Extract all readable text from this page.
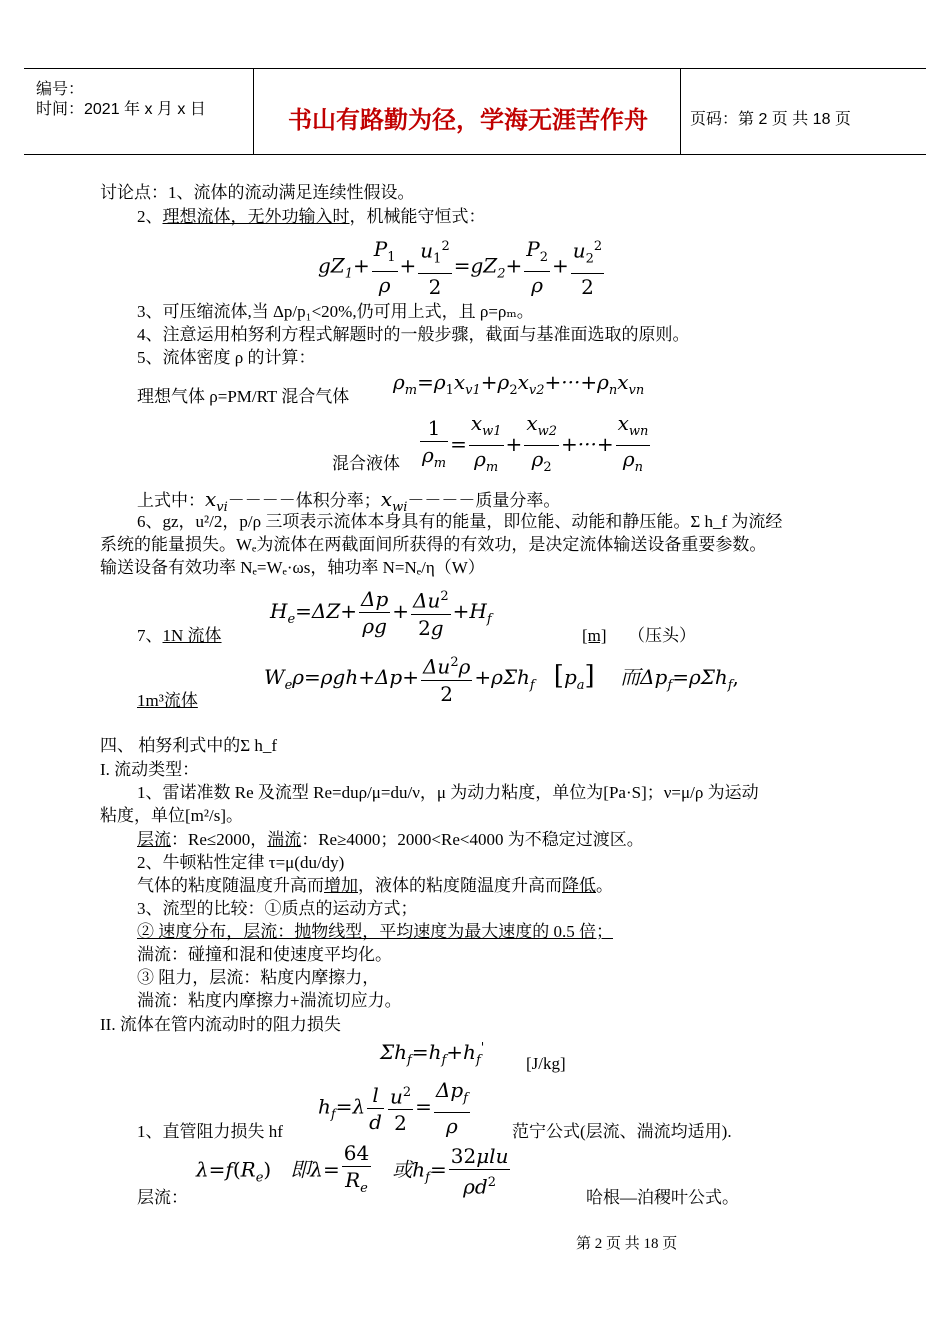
编号：
时间：2021 年 x 月 x 日	书山有路勤为径，学海无涯苦作舟	页码：第 2 页 共 18 页
讨论点：1、流体的流动满足连续性假设。
2、理想流体，无外功输入时，机械能守恒式：
$gZ_1+ \frac{P_1}{\rho} + \frac{u_1^2}{2} =gZ_2+ \frac{P_2}{\rho} + \frac{u_2^2}{2}$
3、可压缩流体,当 Δp/p₁<20%,仍可用上式，且 ρ=ρₘ。
4、注意运用柏努利方程式解题时的一般步骤，截面与基准面选取的原则。
5、流体密度 ρ 的计算：
理想气体 ρ=PM/RT 混合气体
$\rho_m=\rho_1x_{v1}+\rho_2x_{v2}+\cdot\cdot\cdot+\rho_nx_{vn}$
混合液体 $\frac{1}{\rho_m} = \frac{x_{w1}}{\rho_m} + \frac{x_{w2}}{\rho_2}$ +···+ $\frac{x_{wn}}{\rho_n}$
上式中：$x_{vi}----$体积分率；$x_{wi}----$质量分率。
6、gz，u²/2，p/ρ 三项表示流体本身具有的能量，即位能、动能和静压能。Σ h_f 为流经
系统的能量损失。Wₑ为流体在两截面间所获得的有效功，是决定流体输送设备重要参数。
输送设备有效功率 Nₑ=Wₑ·ωs，轴功率 N=Nₑ/η（W）
7、1N 流体
$H_e=\Delta Z+ \frac{\Delta p}{\rho g} + \frac{\Delta u^2}{2g} +H_f$
[m] （压头）
$W_e\rho=\rho gh+\Delta p+ \frac{\Delta u^2\rho}{2} +\rho\Sigma h_f$ $[p_a]$    而$\Delta p_f=\rho\Sigma h_f$,
1m³流体
四、 柏努利式中的Σ h_f
I. 流动类型：
1、雷诺准数 Re 及流型 Re=duρ/μ=du/ν，μ 为动力粘度，单位为[Pa·S]；ν=μ/ρ 为运动
粘度，单位[m²/s]。
层流：Re≤2000，湍流：Re≥4000；2000<Re<4000 为不稳定过渡区。
2、牛顿粘性定律 τ=μ(du/dy)
气体的粘度随温度升高而增加，液体的粘度随温度升高而降低。
3、流型的比较：①质点的运动方式；
② 速度分布，层流：抛物线型，平均速度为最大速度的 0.5 倍；
湍流：碰撞和混和使速度平均化。
③ 阻力，层流：粘度内摩擦力，
湍流：粘度内摩擦力+湍流切应力。
II. 流体在管内流动时的阻力损失
$\Sigma h_f=h_f+h_f'$
[J/kg]
$h_f=\lambda \frac{l}{d} \frac{u^2}{2} = \frac{\Delta p_f}{\rho}$
1、直管阻力损失 hf	范宁公式(层流、湍流均适用).
$\lambda=f(R_e)$   即$\lambda= \frac{64}{R_e}$ 或$h_f= \frac{\text{32μlu}}{\rho d^2}$
层流：	哈根—泊稷叶公式。
第 2 页 共 18 页
